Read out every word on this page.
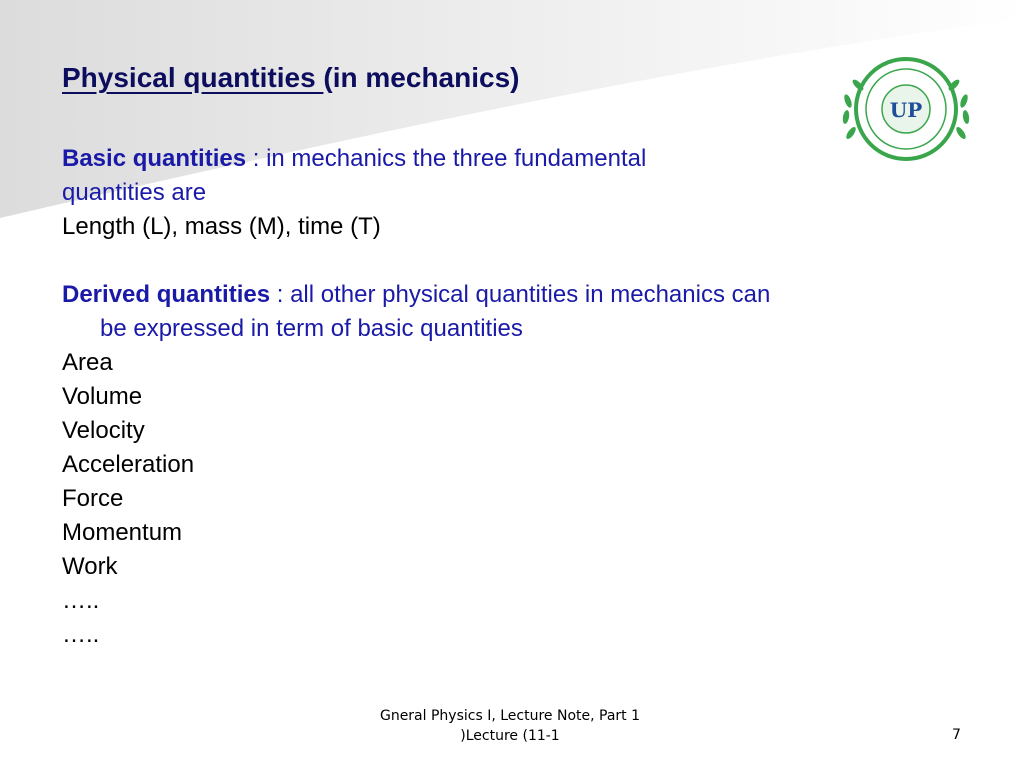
Physical quantities (in mechanics)
UP
Basic quantities : in mechanics the three fundamental
quantities are
Length (L), mass (M), time (T)
Derived quantities : all other physical quantities in mechanics can
be expressed in term of basic quantities
Area
Volume
Velocity
Acceleration
Force
Momentum
Work
…..
…..
Gneral Physics I, Lecture Note, Part 1
)Lecture (11-1	7
